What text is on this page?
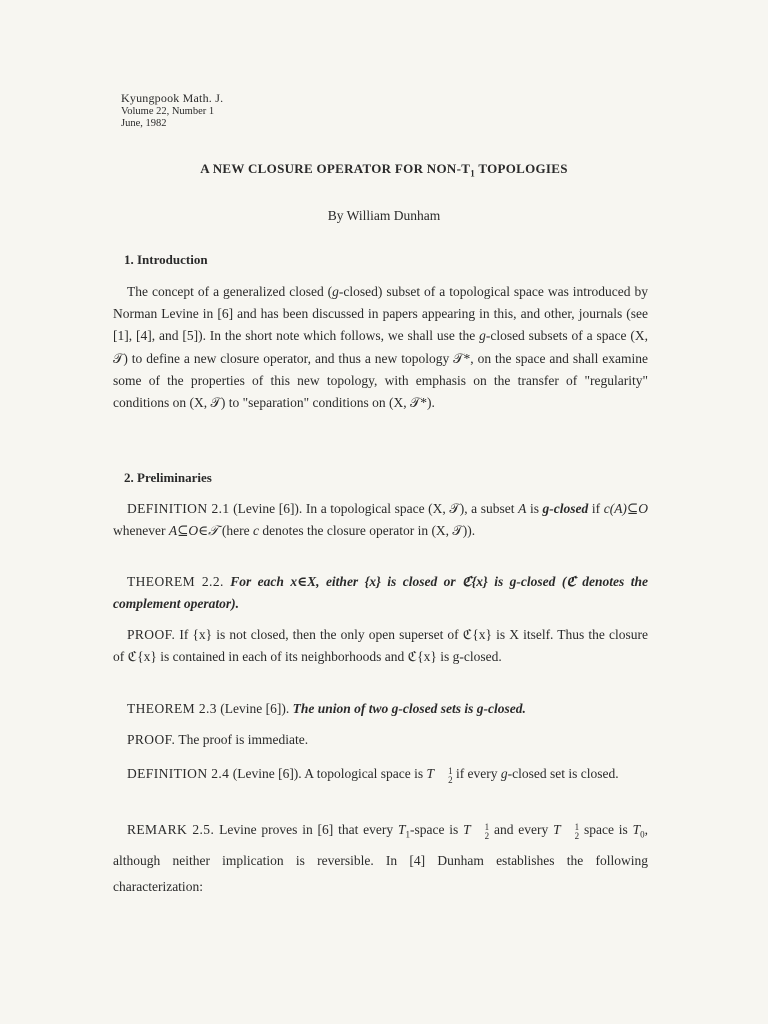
Kyungpook Math. J.
Volume 22, Number 1
June, 1982
A NEW CLOSURE OPERATOR FOR NON-$T_1$ TOPOLOGIES
By William Dunham
1. Introduction
The concept of a generalized closed (g-closed) subset of a topological space was introduced by Norman Levine in [6] and has been discussed in papers appearing in this, and other, journals (see [1], [4], and [5]). In the short note which follows, we shall use the g-closed subsets of a space (X, 𝒯) to define a new closure operator, and thus a new topology 𝒯*, on the space and shall examine some of the properties of this new topology, with emphasis on the transfer of "regularity" conditions on (X, 𝒯) to "separation" conditions on (X, 𝒯*).
2. Preliminaries
DEFINITION 2.1 (Levine [6]). In a topological space (X, 𝒯), a subset A is g-closed if c(A)⊆O whenever A⊆O∈𝒯 (here c denotes the closure operator in (X, 𝒯)).
THEOREM 2.2. For each x∈X, either {x} is closed or ℭ{x} is g-closed (ℭ denotes the complement operator).
PROOF. If {x} is not closed, then the only open superset of ℭ{x} is X itself. Thus the closure of ℭ{x} is contained in each of its neighborhoods and ℭ{x} is g-closed.
THEOREM 2.3 (Levine [6]). The union of two g-closed sets is g-closed.
PROOF. The proof is immediate.
DEFINITION 2.4 (Levine [6]). A topological space is T	1
2 if every g-closed set is closed.
REMARK 2.5. Levine proves in [6] that every $T_1$-space is T	1
2 and every T	1
2 space is $T_0$, although neither implication is reversible. In [4] Dunham establishes the following characterization:
